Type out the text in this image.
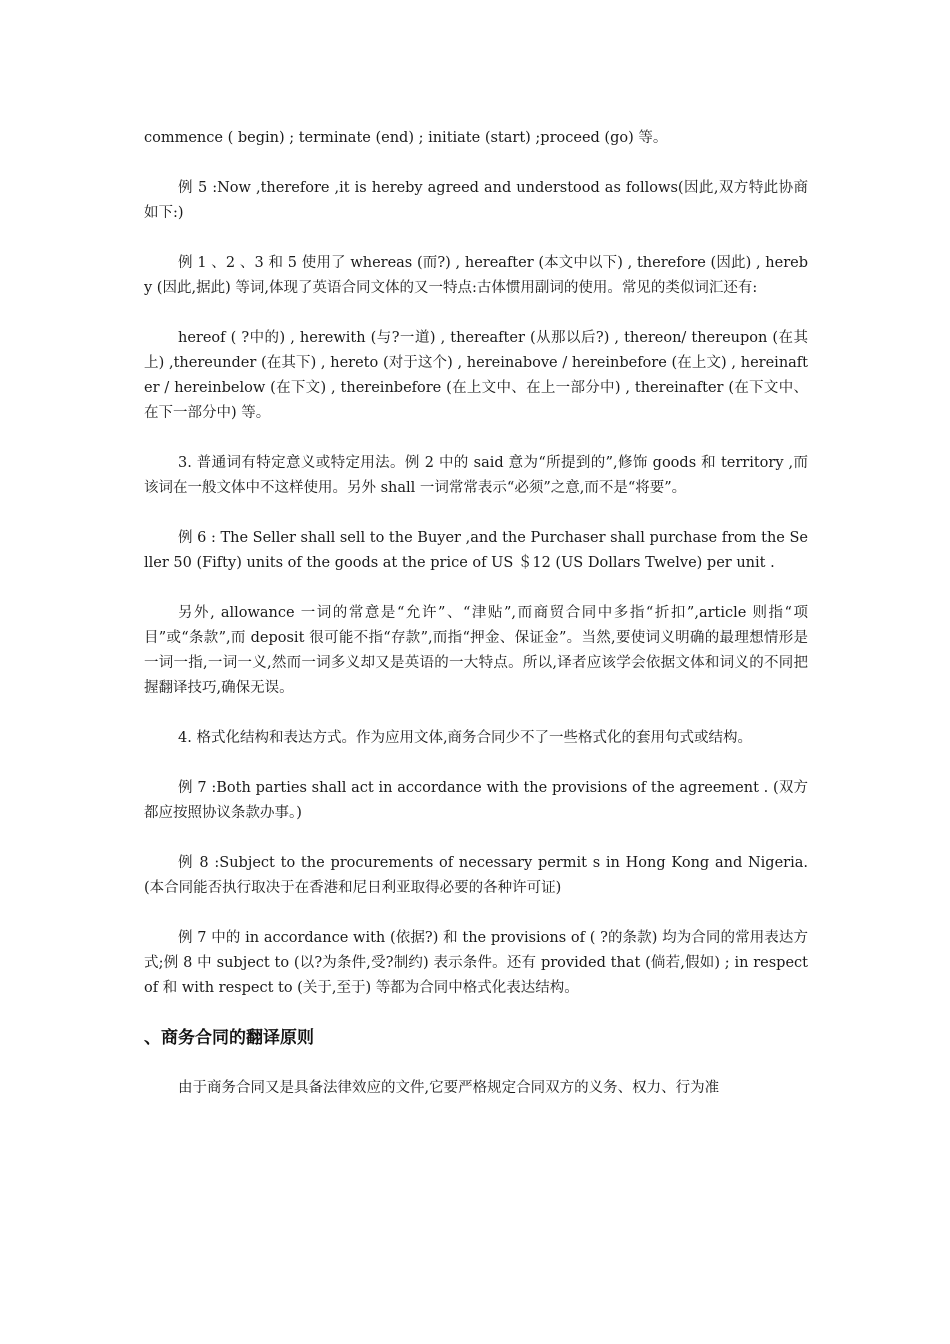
commence ( begin) ; terminate (end) ; initiate (start) ;proceed (go) 等。

例 5 :Now ,therefore ,it is hereby agreed and understood as follows(因此,双方特此协商如下:)

例 1 、2 、3 和 5 使用了 whereas (而?) , hereafter (本文中以下) , therefore (因此) , hereby (因此,据此) 等词,体现了英语合同文体的又一特点:古体惯用副词的使用。常见的类似词汇还有:

hereof ( ?中的) , herewith (与?一道) , thereafter (从那以后?) , thereon/ thereupon (在其上) ,thereunder (在其下) , hereto (对于这个) , hereinabove / hereinbefore (在上文) , hereinafter / hereinbelow (在下文) , thereinbefore (在上文中、在上一部分中) , thereinafter (在下文中、在下一部分中) 等。

3. 普通词有特定意义或特定用法。例 2 中的 said 意为“所提到的”,修饰 goods 和 territory ,而该词在一般文体中不这样使用。另外 shall 一词常常表示“必须”之意,而不是“将要”。

例 6 : The Seller shall sell to the Buyer ,and the Purchaser shall purchase from the Seller 50 (Fifty) units of the goods at the price of US ＄12 (US Dollars Twelve) per unit .

另外, allowance 一词的常意是“允许”、“津贴”,而商贸合同中多指“折扣”,article 则指“项目”或“条款”,而 deposit 很可能不指“存款”,而指“押金、保证金”。当然,要使词义明确的最理想情形是一词一指,一词一义,然而一词多义却又是英语的一大特点。所以,译者应该学会依据文体和词义的不同把握翻译技巧,确保无误。

4. 格式化结构和表达方式。作为应用文体,商务合同少不了一些格式化的套用句式或结构。

例 7 :Both parties shall act in accordance with the provisions of the agreement . (双方都应按照协议条款办事。)

例 8 :Subject to the procurements of necessary permit s in Hong Kong and Nigeria. (本合同能否执行取决于在香港和尼日利亚取得必要的各种许可证)

例 7 中的 in accordance with (依据?) 和 the provisions of ( ?的条款) 均为合同的常用表达方式;例 8 中 subject to (以?为条件,受?制约) 表示条件。还有 provided that (倘若,假如) ; in respect of 和 with respect to (关于,至于) 等都为合同中格式化表达结构。

、商务合同的翻译原则

由于商务合同又是具备法律效应的文件,它要严格规定合同双方的义务、权力、行为准
